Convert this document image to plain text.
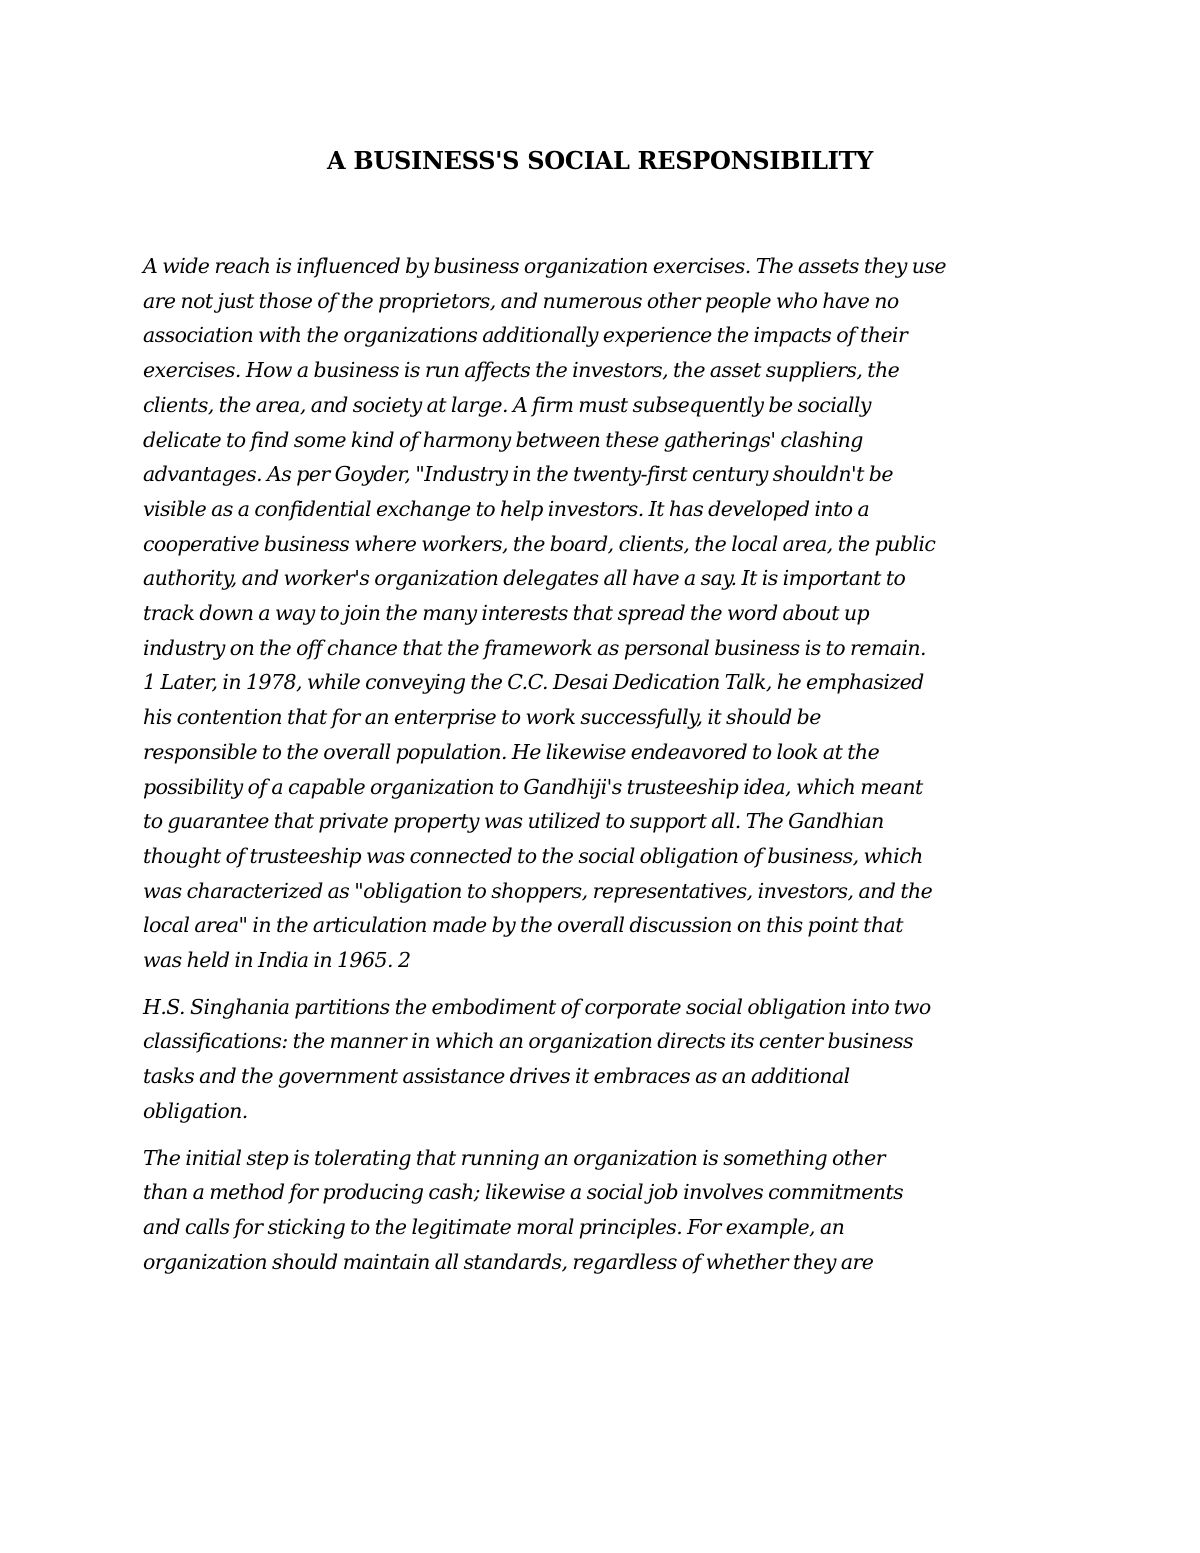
A BUSINESS'S SOCIAL RESPONSIBILITY

A wide reach is influenced by business organization exercises. The assets they use
are not just those of the proprietors, and numerous other people who have no
association with the organizations additionally experience the impacts of their
exercises. How a business is run affects the investors, the asset suppliers, the
clients, the area, and society at large. A firm must subsequently be socially
delicate to find some kind of harmony between these gatherings' clashing
advantages. As per Goyder, "Industry in the twenty-first century shouldn't be
visible as a confidential exchange to help investors. It has developed into a
cooperative business where workers, the board, clients, the local area, the public
authority, and worker's organization delegates all have a say. It is important to
track down a way to join the many interests that spread the word about up
industry on the off chance that the framework as personal business is to remain.
1 Later, in 1978, while conveying the C.C. Desai Dedication Talk, he emphasized
his contention that for an enterprise to work successfully, it should be
responsible to the overall population. He likewise endeavored to look at the
possibility of a capable organization to Gandhiji's trusteeship idea, which meant
to guarantee that private property was utilized to support all. The Gandhian
thought of trusteeship was connected to the social obligation of business, which
was characterized as "obligation to shoppers, representatives, investors, and the
local area" in the articulation made by the overall discussion on this point that
was held in India in 1965. 2

H.S. Singhania partitions the embodiment of corporate social obligation into two
classifications: the manner in which an organization directs its center business
tasks and the government assistance drives it embraces as an additional
obligation.

The initial step is tolerating that running an organization is something other
than a method for producing cash; likewise a social job involves commitments
and calls for sticking to the legitimate moral principles. For example, an
organization should maintain all standards, regardless of whether they are
